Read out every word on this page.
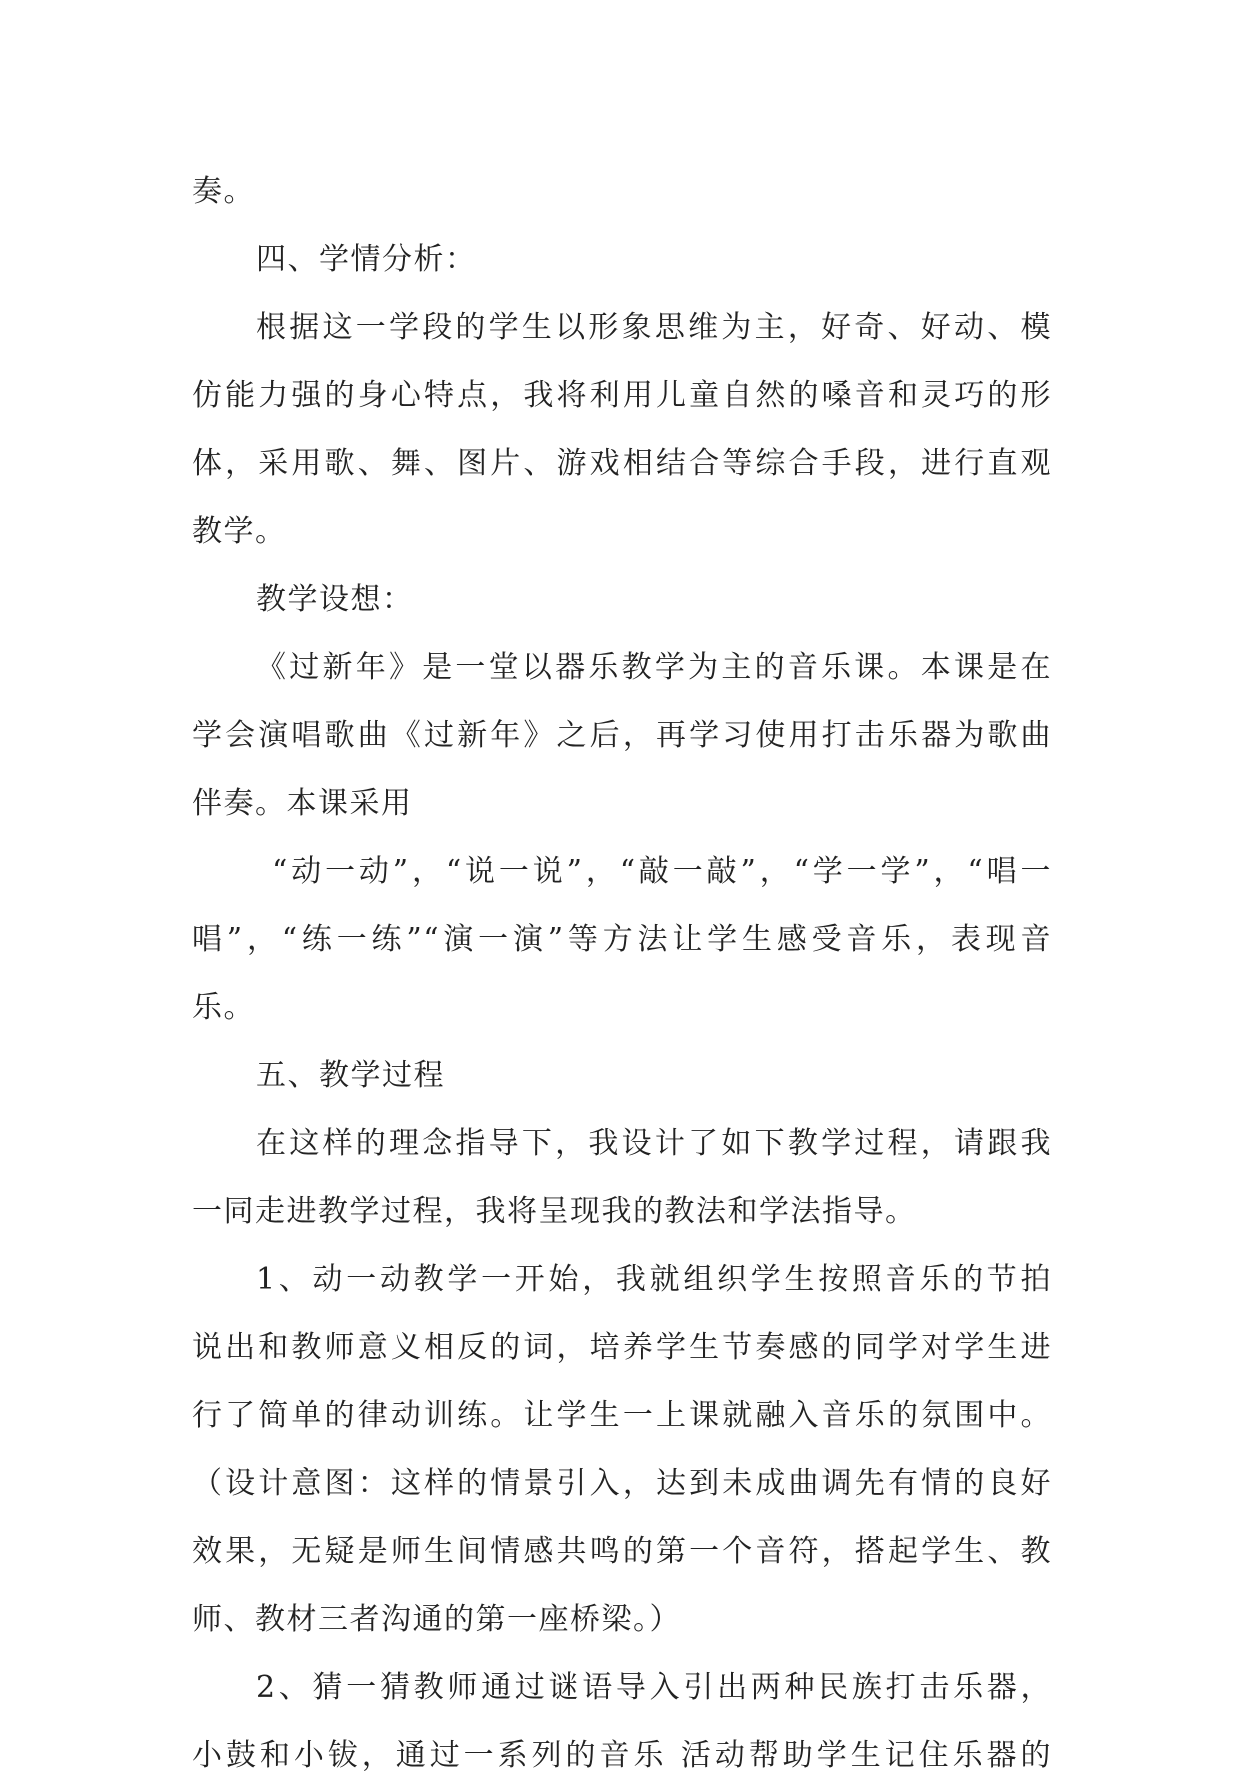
奏。
四、学情分析：
根据这一学段的学生以形象思维为主，好奇、好动、模
仿能力强的身心特点，我将利用儿童自然的嗓音和灵巧的形
体，采用歌、舞、图片、游戏相结合等综合手段，进行直观
教学。
教学设想：
《过新年》是一堂以器乐教学为主的音乐课。本课是在
学会演唱歌曲《过新年》之后，再学习使用打击乐器为歌曲
伴奏。本课采用
“动一动”，“说一说”，“敲一敲”，“学一学”，“唱一
唱”，“练一练”“演一演”等方法让学生感受音乐，表现音
乐。
五、教学过程
在这样的理念指导下，我设计了如下教学过程，请跟我
一同走进教学过程，我将呈现我的教法和学法指导。
1、动一动教学一开始，我就组织学生按照音乐的节拍
说出和教师意义相反的词，培养学生节奏感的同学对学生进
行了简单的律动训练。让学生一上课就融入音乐的氛围中。
（设计意图：这样的情景引入，达到未成曲调先有情的良好
效果，无疑是师生间情感共鸣的第一个音符，搭起学生、教
师、教材三者沟通的第一座桥梁。）
2、猜一猜教师通过谜语导入引出两种民族打击乐器，
小鼓和小钹，通过一系列的音乐 活动帮助学生记住乐器的
